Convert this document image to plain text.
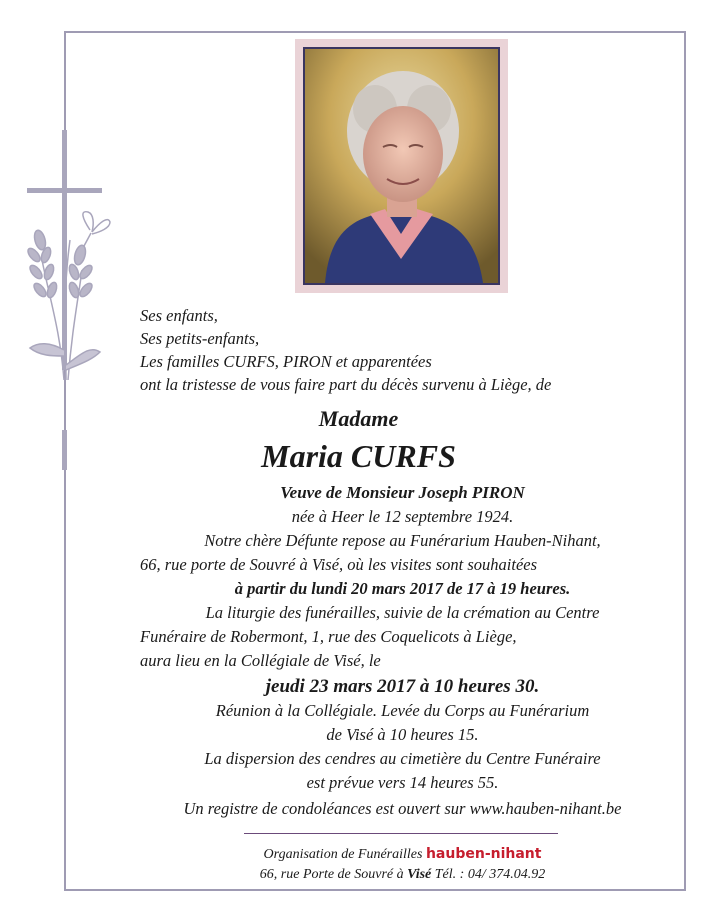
Ses enfants,
Ses petits-enfants,
Les familles CURFS, PIRON et apparentées
ont la tristesse de vous faire part du décès survenu à Liège, de
Madame
Maria CURFS
Veuve de Monsieur Joseph PIRON
née à Heer le 12 septembre 1924.
Notre chère Défunte repose au Funérarium Hauben-Nihant,
66, rue porte de Souvré à Visé, où les visites sont souhaitées
à partir du lundi 20 mars 2017 de 17 à 19 heures.
La liturgie des funérailles, suivie de la crémation au Centre
Funéraire de Robermont, 1, rue des Coquelicots à Liège,
aura lieu en la Collégiale de Visé, le
jeudi 23 mars 2017 à 10 heures 30.
Réunion à la Collégiale. Levée du Corps au Funérarium
de Visé à 10 heures 15.
La dispersion des cendres au cimetière du Centre Funéraire
est prévue vers 14 heures 55.
Un registre de condoléances est ouvert sur www.hauben-nihant.be
Organisation de Funérailles hauben-nihant
66, rue Porte de Souvré à Visé Tél. : 04/ 374.04.92
